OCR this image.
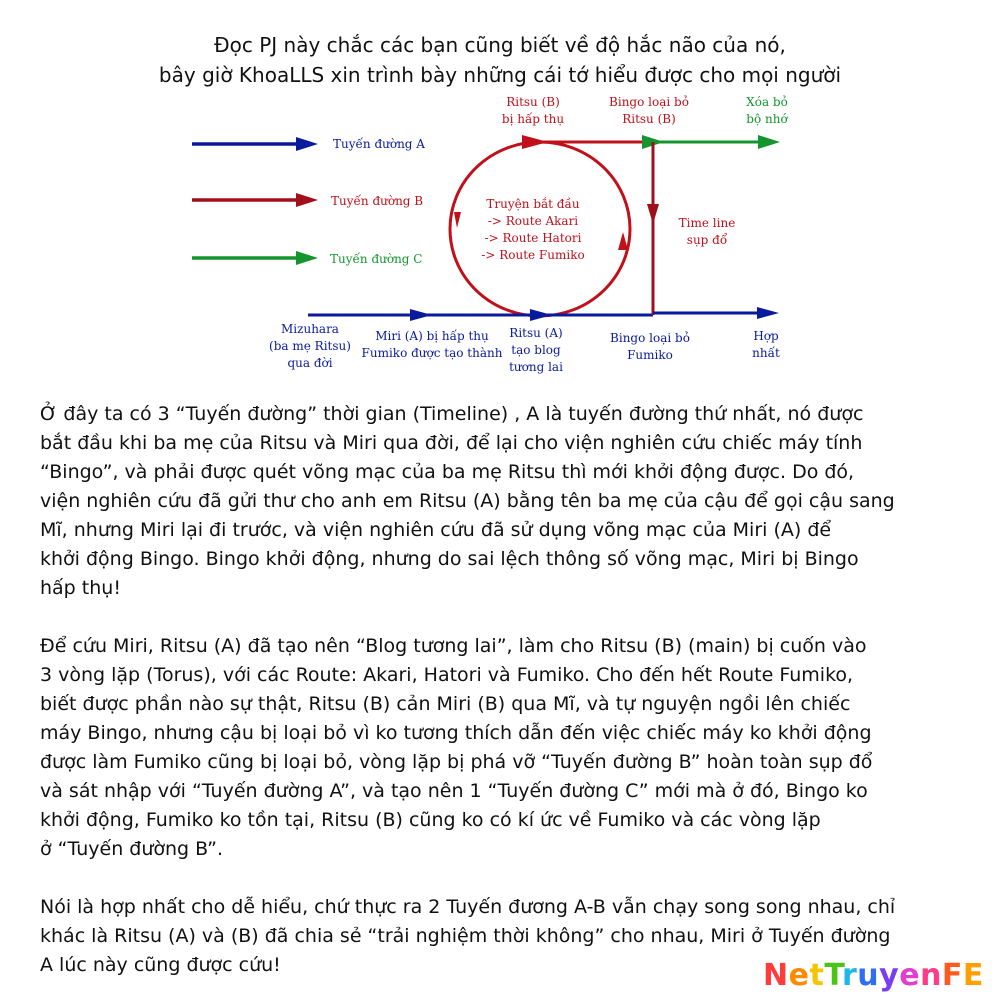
Đọc PJ này chắc các bạn cũng biết về độ hắc não của nó,
bây giờ KhoaLLS xin trình bày những cái tớ hiểu được cho mọi người
Tuyến đường A
Tuyến đường B
Tuyến đường C
Ritsu (B)
bị hấp thụ
Bingo loại bỏ
Ritsu (B)
Xóa bỏ
bộ nhớ
Truyện bắt đầu
-> Route Akari
-> Route Hatori
-> Route Fumiko
Time line
sụp đổ
Mizuhara
(ba mẹ Ritsu)
qua đời
Miri (A) bị hấp thụ
Fumiko được tạo thành
Ritsu (A)
tạo blog
tương lai
Bingo loại bỏ
Fumiko
Hợp
nhất
Ở đây ta có 3 “Tuyến đường” thời gian (Timeline) , A là tuyến đường thứ nhất, nó được
bắt đầu khi ba mẹ của Ritsu và Miri qua đời, để lại cho viện nghiên cứu chiếc máy tính
“Bingo”, và phải được quét võng mạc của ba mẹ Ritsu thì mới khởi động được. Do đó,
viện nghiên cứu đã gửi thư cho anh em Ritsu (A) bằng tên ba mẹ của cậu để gọi cậu sang
Mĩ, nhưng Miri lại đi trước, và viện nghiên cứu đã sử dụng võng mạc của Miri (A) để
khởi động Bingo. Bingo khởi động, nhưng do sai lệch thông số võng mạc, Miri bị Bingo
hấp thụ!
Để cứu Miri, Ritsu (A) đã tạo nên “Blog tương lai”, làm cho Ritsu (B) (main) bị cuốn vào
3 vòng lặp (Torus), với các Route: Akari, Hatori và Fumiko. Cho đến hết Route Fumiko,
biết được phần nào sự thật, Ritsu (B) cản Miri (B) qua Mĩ, và tự nguyện ngồi lên chiếc
máy Bingo, nhưng cậu bị loại bỏ vì ko tương thích dẫn đến việc chiếc máy ko khởi động
được làm Fumiko cũng bị loại bỏ, vòng lặp bị phá vỡ “Tuyến đường B” hoàn toàn sụp đổ
và sát nhập với “Tuyến đường A”, và tạo nên 1 “Tuyến đường C” mới mà ở đó, Bingo ko
khởi động, Fumiko ko tồn tại, Ritsu (B) cũng ko có kí ức về Fumiko và các vòng lặp
ở “Tuyến đường B”.
Nói là hợp nhất cho dễ hiểu, chứ thực ra 2 Tuyến đương A-B vẫn chạy song song nhau, chỉ
khác là Ritsu (A) và (B) đã chia sẻ “trải nghiệm thời không” cho nhau, Miri ở Tuyến đường
A lúc này cũng được cứu!	NetTruyenFE
